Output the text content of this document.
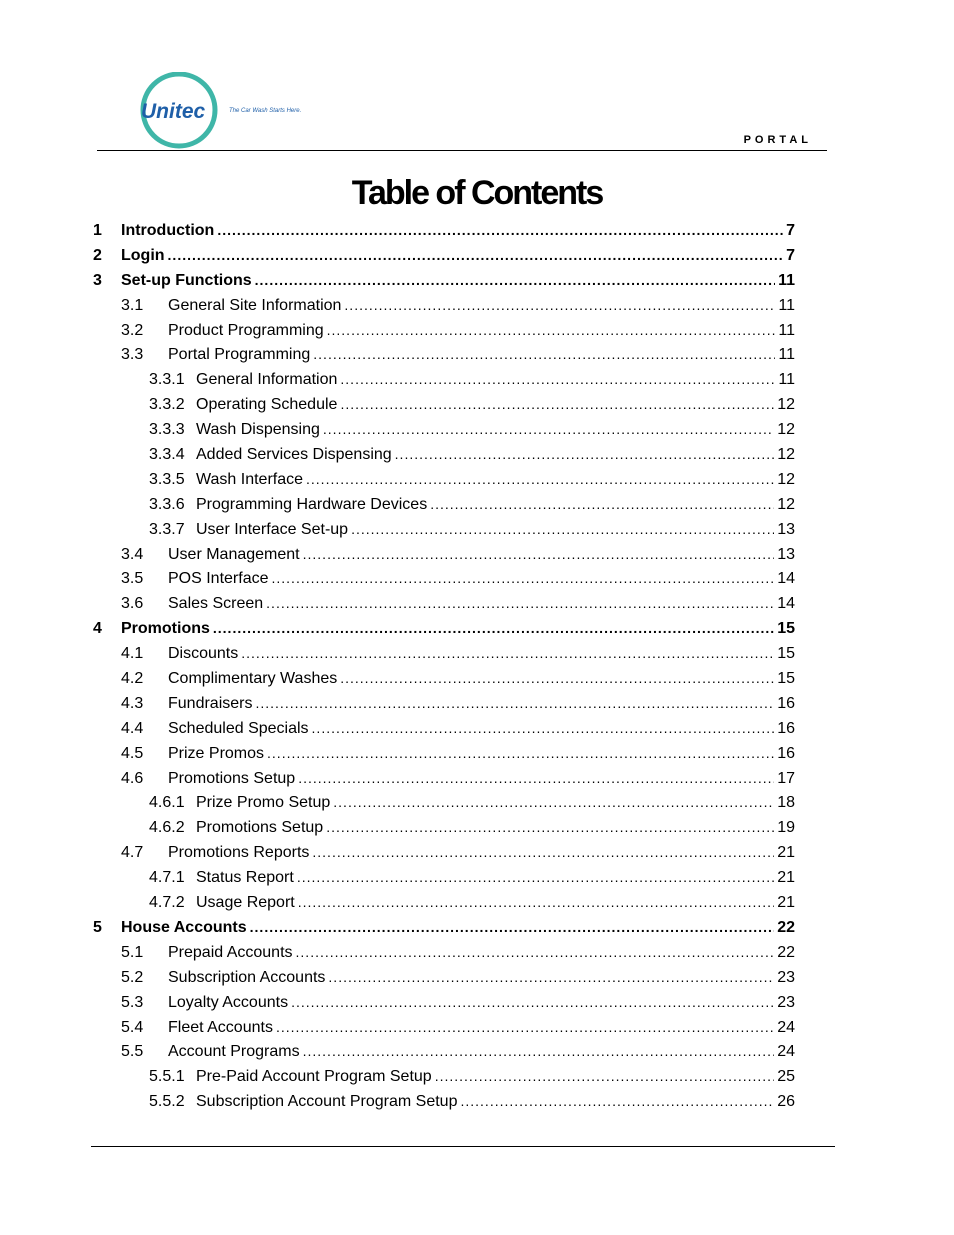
Unitec	The Car Wash Starts Here.
PORTAL
Table of Contents
1	Introduction .....	7
2	Login .....	7
3	Set-up Functions .....	11
3.1	General Site Information .....	11
3.2	Product Programming .....	11
3.3	Portal Programming .....	11
3.3.1 General Information .....	11
3.3.2 Operating Schedule .....	12
3.3.3 Wash Dispensing .....	12
3.3.4 Added Services Dispensing .....	12
3.3.5 Wash Interface .....	12
3.3.6 Programming Hardware Devices .....	12
3.3.7 User Interface Set-up .....	13
3.4	User Management .....	13
3.5	POS Interface .....	14
3.6	Sales Screen .....	14
4	Promotions .....	15
4.1	Discounts .....	15
4.2	Complimentary Washes .....	15
4.3	Fundraisers .....	16
4.4	Scheduled Specials .....	16
4.5	Prize Promos .....	16
4.6	Promotions Setup .....	17
4.6.1 Prize Promo Setup .....	18
4.6.2 Promotions Setup .....	19
4.7	Promotions Reports .....	21
4.7.1 Status Report .....	21
4.7.2 Usage Report .....	21
5	House Accounts .....	22
5.1	Prepaid Accounts .....	22
5.2	Subscription Accounts .....	23
5.3	Loyalty Accounts .....	23
5.4	Fleet Accounts .....	24
5.5	Account Programs .....	24
5.5.1 Pre-Paid Account Program Setup .....	25
5.5.2 Subscription Account Program Setup .....	26
